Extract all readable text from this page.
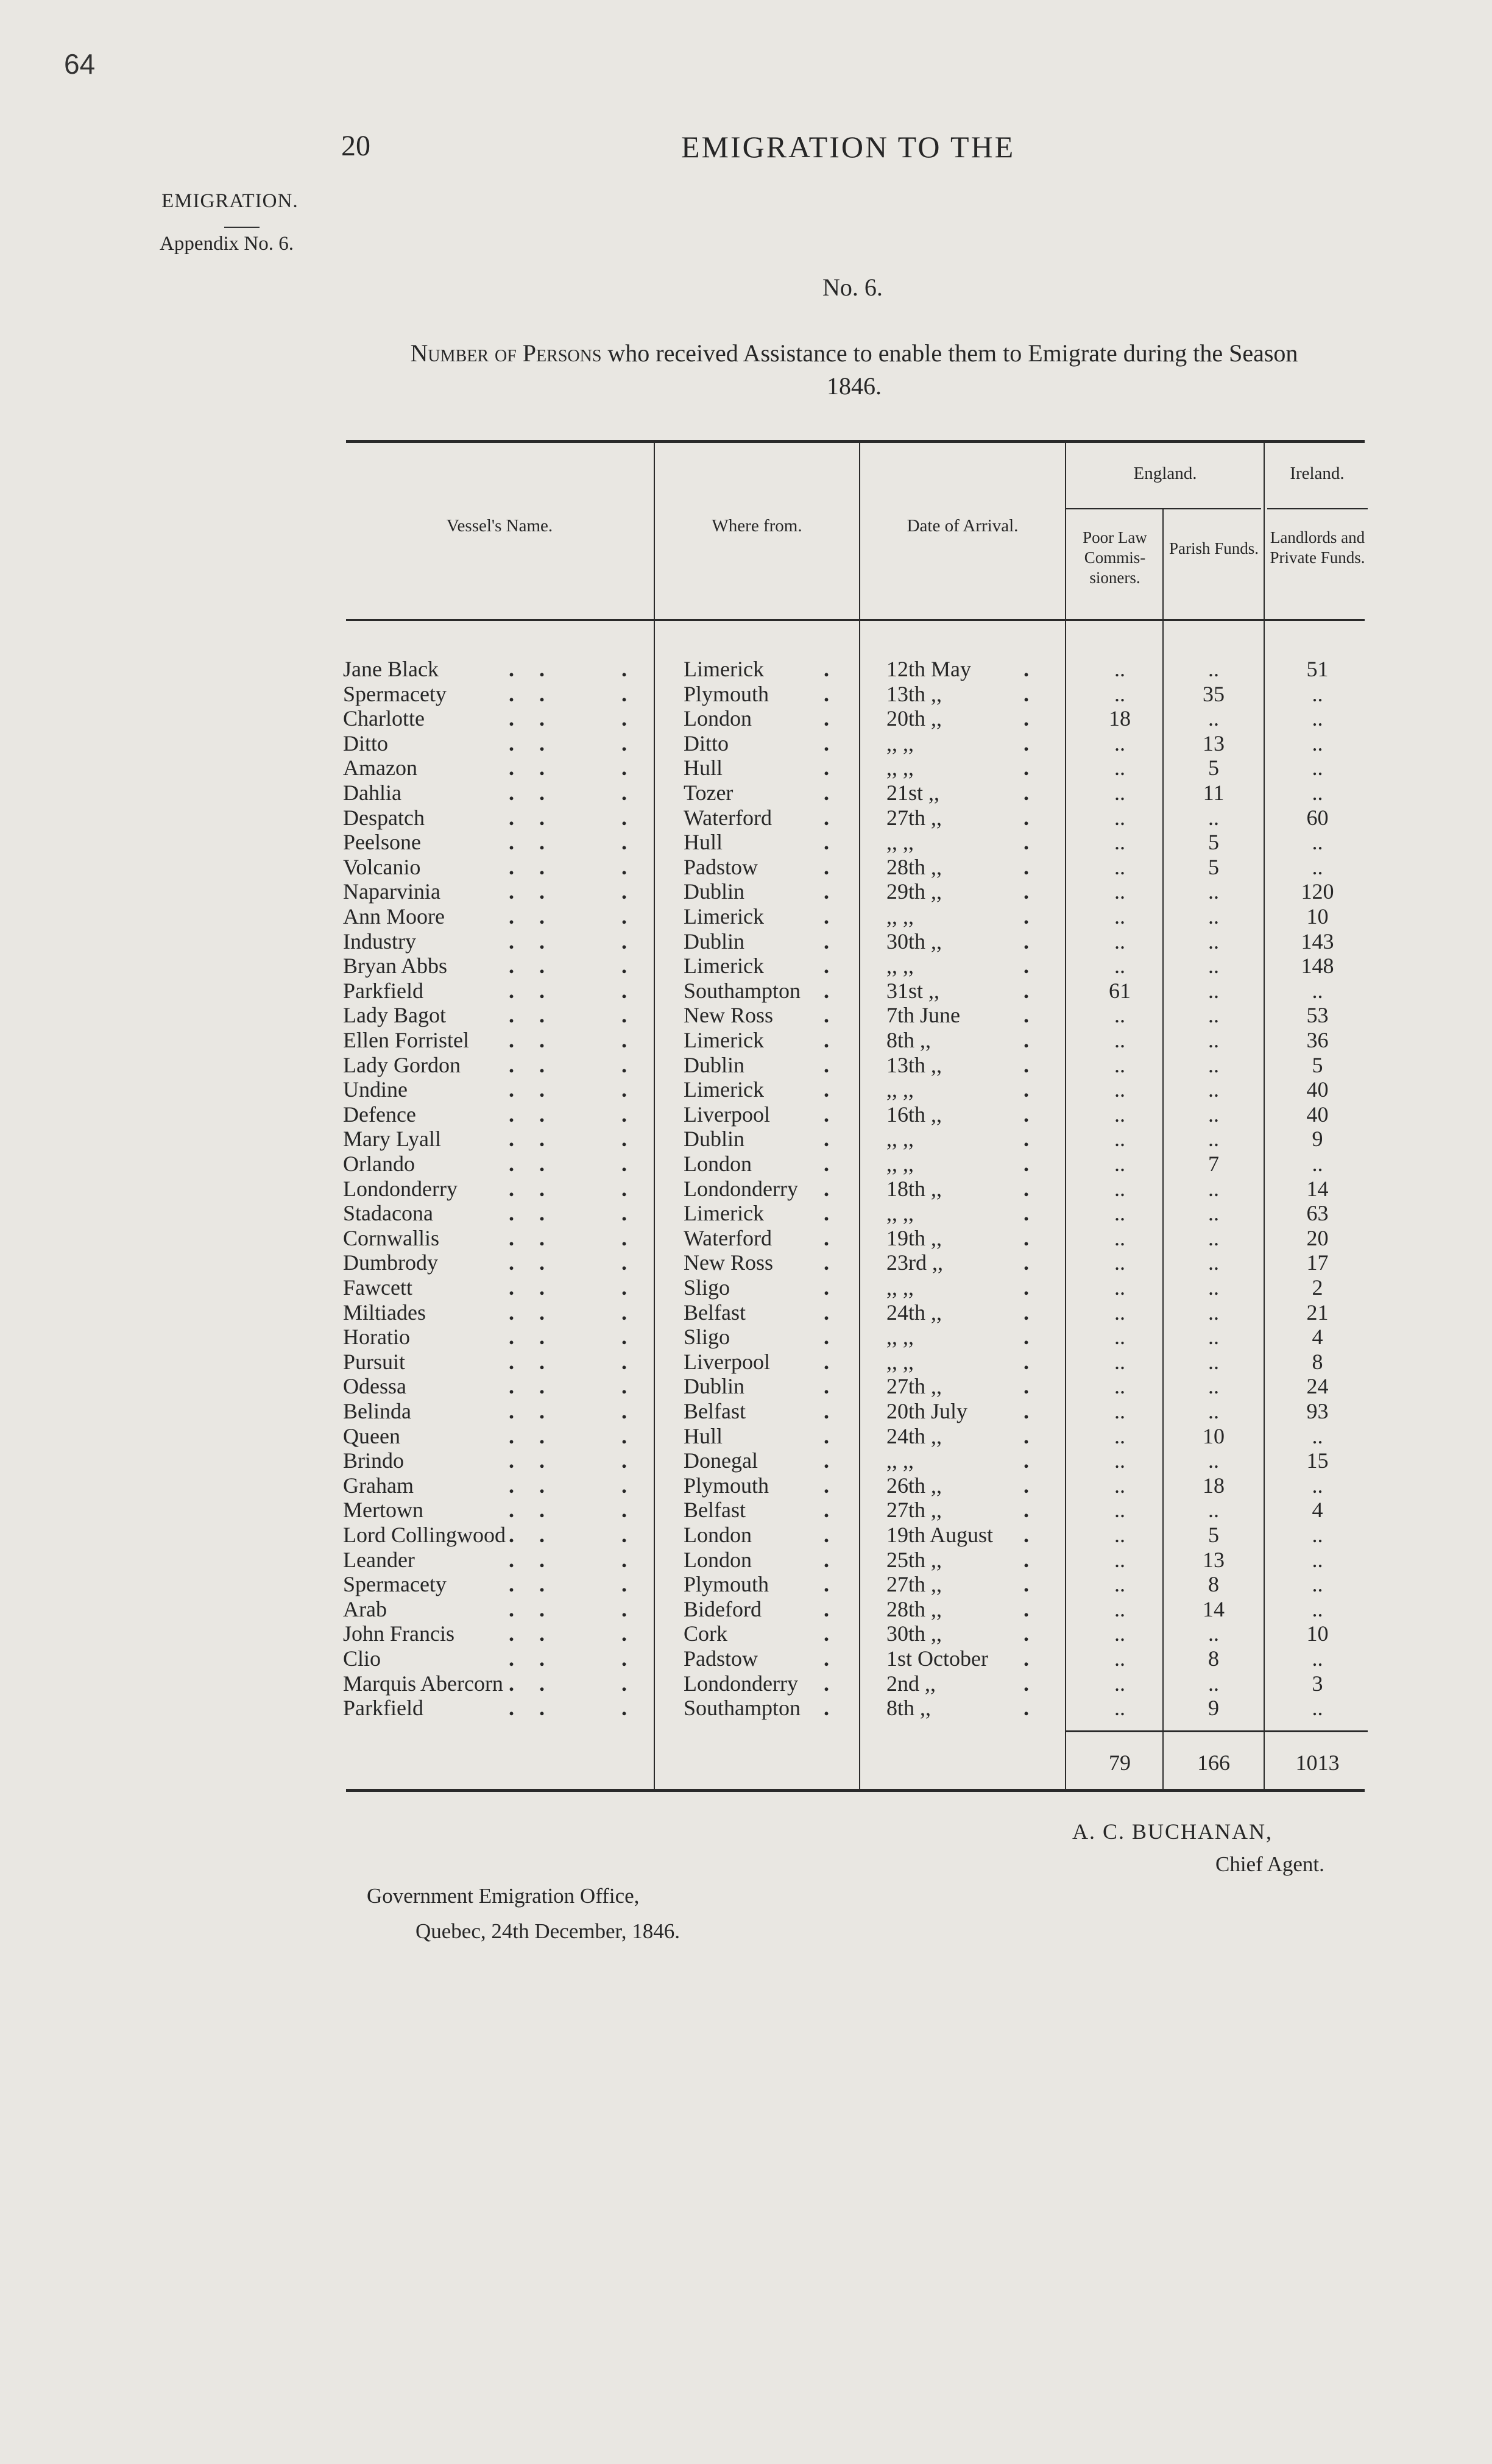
64
20	EMIGRATION TO THE
EMIGRATION.
Appendix No. 6.
No. 6.
Number of Persons who received Assistance to enable them to Emigrate during the Season
1846.
Vessel's Name.	Where from.	Date of Arrival.
England.	Ireland.
Poor Law Commis- sioners.
Parish Funds.
Landlords and Private Funds.
Jane Black	Limerick	12th May	..	..	51
. .	.	.	.
Spermacety	Plymouth	13th ,,	..	35	..
. .	.	.	.
Charlotte	London	20th ,,	18	..	..
. .	.	.	.
Ditto	Ditto	,, ,,	..	13	..
. .	.	.	.
Amazon	Hull	,, ,,	..	5	..
. .	.	.	.
Dahlia	Tozer	21st ,,	..	11	..
. .	.	.	.
Despatch	Waterford	27th ,,	..	..	60
. .	.	.	.
Peelsone	Hull	,, ,,	..	5	..
. .	.	.	.
Volcanio	Padstow	28th ,,	..	5	..
. .	.	.	.
Naparvinia	Dublin	29th ,,	..	..	120
. .	.	.	.
Ann Moore	Limerick	,, ,,	..	..	10
. .	.	.	.
Industry	Dublin	30th ,,	..	..	143
. .	.	.	.
Bryan Abbs	Limerick	,, ,,	..	..	148
. .	.	.	.
Parkfield	Southampton	31st ,,	61	..	..
. .	.	.	.
Lady Bagot	New Ross	7th June	..	..	53
. .	.	.	.
Ellen Forristel	Limerick	8th ,,	..	..	36
. .	.	.	.
Lady Gordon	Dublin	13th ,,	..	..	5
. .	.	.	.
Undine	Limerick	,, ,,	..	..	40
. .	.	.	.
Defence	Liverpool	16th ,,	..	..	40
. .	.	.	.
Mary Lyall	Dublin	,, ,,	..	..	9
. .	.	.	.
Orlando	London	,, ,,	..	7	..
. .	.	.	.
Londonderry	Londonderry	18th ,,	..	..	14
. .	.	.	.
Stadacona	Limerick	,, ,,	..	..	63
. .	.	.	.
Cornwallis	Waterford	19th ,,	..	..	20
. .	.	.	.
Dumbrody	New Ross	23rd ,,	..	..	17
. .	.	.	.
Fawcett	Sligo	,, ,,	..	..	2
. .	.	.	.
Miltiades	Belfast	24th ,,	..	..	21
. .	.	.	.
Horatio	Sligo	,, ,,	..	..	4
. .	.	.	.
Pursuit	Liverpool	,, ,,	..	..	8
. .	.	.	.
Odessa	Dublin	27th ,,	..	..	24
. .	.	.	.
Belinda	Belfast	20th July	..	..	93
. .	.	.	.
Queen	Hull	24th ,,	..	10	..
. .	.	.	.
Brindo	Donegal	,, ,,	..	..	15
. .	.	.	.
Graham	Plymouth	26th ,,	..	18	..
. .	.	.	.
Mertown	Belfast	27th ,,	..	..	4
. .	.	.	.
Lord Collingwood	London	19th August	..	5	..
. .	.	.	.
Leander	London	25th ,,	..	13	..
. .	.	.	.
Spermacety	Plymouth	27th ,,	..	8	..
. .	.	.	.
Arab	Bideford	28th ,,	..	14	..
. .	.	.	.
John Francis	Cork	30th ,,	..	..	10
. .	.	.	.
Clio	Padstow	1st October	..	8	..
. .	.	.	.
Marquis Abercorn	Londonderry	2nd ,,	..	..	3
. .	.	.	.
Parkfield	Southampton	8th ,,	..	9	..
. .	.	.	.
79	166	1013
A. C. BUCHANAN,
Chief Agent.
Government Emigration Office,
Quebec, 24th December, 1846.
